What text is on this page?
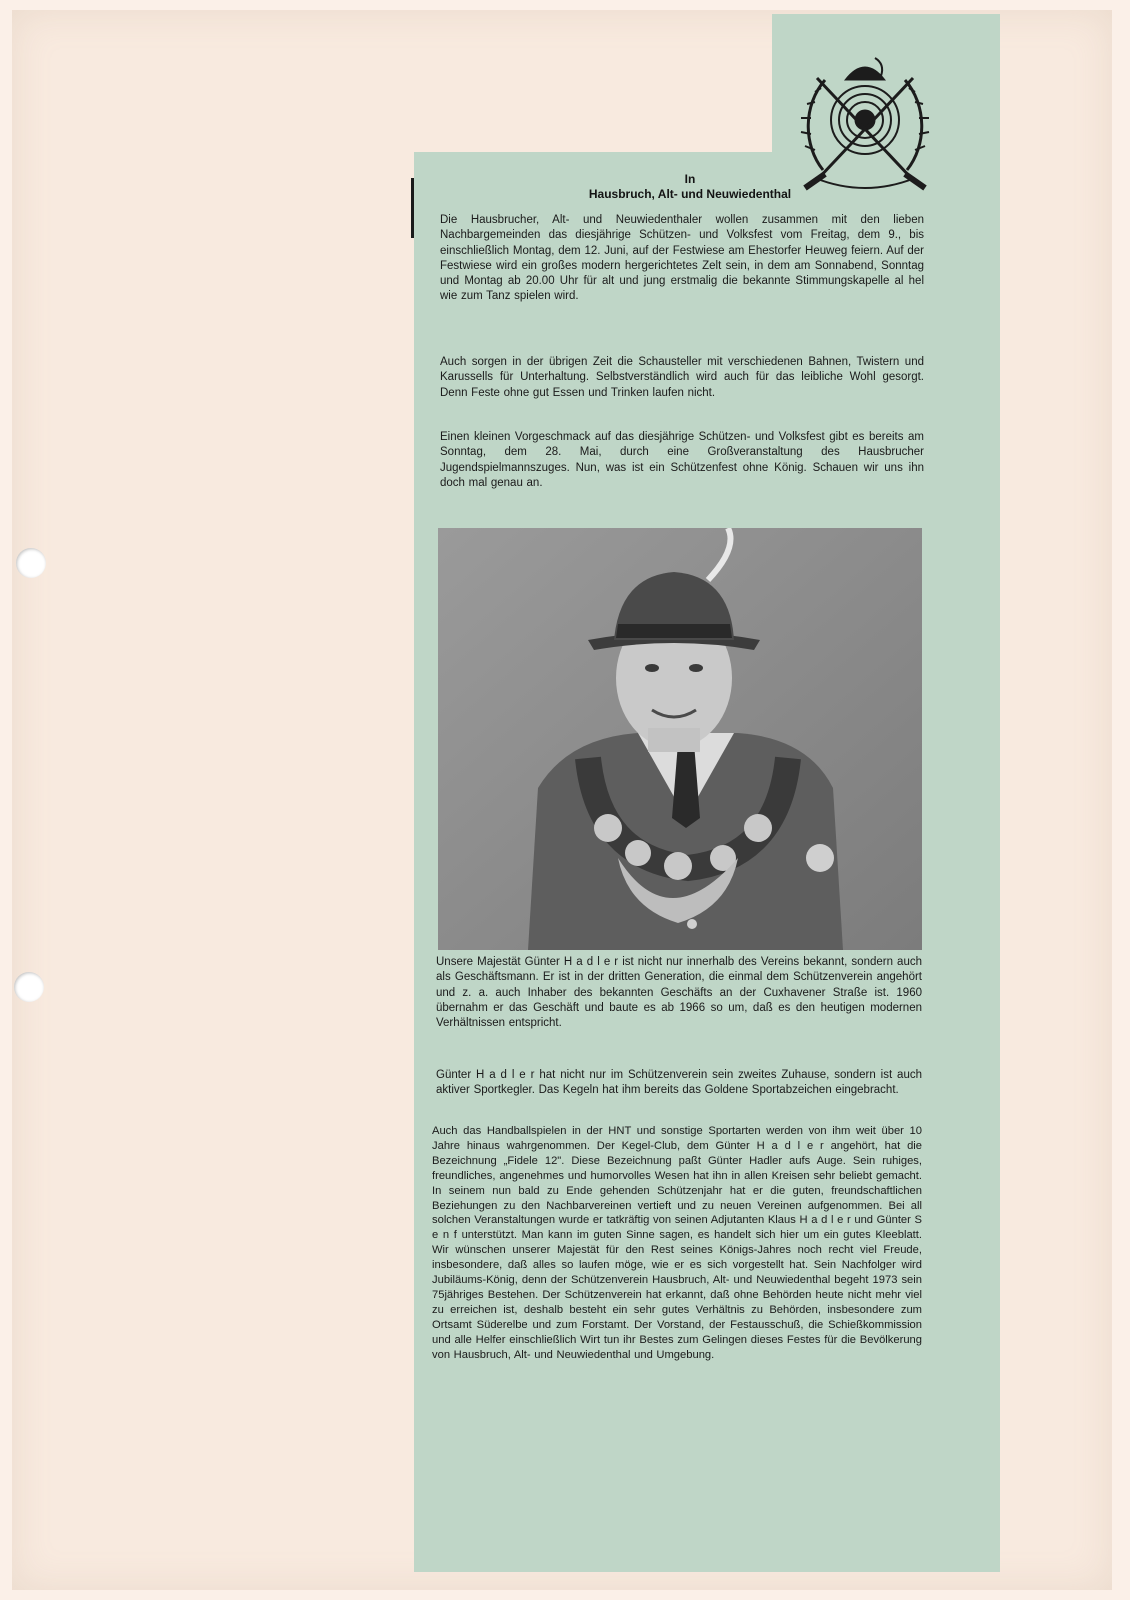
In
Hausbruch, Alt- und Neuwiedenthal

Die Hausbrucher, Alt- und Neuwiedenthaler wollen zusammen mit den lieben Nachbargemeinden das diesjährige Schützen- und Volksfest vom Freitag, dem 9., bis einschließlich Montag, dem 12. Juni, auf der Festwiese am Ehestorfer Heuweg feiern. Auf der Festwiese wird ein großes modern hergerichtetes Zelt sein, in dem am Sonnabend, Sonntag und Montag ab 20.00 Uhr für alt und jung erstmalig die bekannte Stimmungskapelle al hel wie zum Tanz spielen wird.

Auch sorgen in der übrigen Zeit die Schausteller mit verschiedenen Bahnen, Twistern und Karussells für Unterhaltung. Selbstverständlich wird auch für das leibliche Wohl gesorgt. Denn Feste ohne gut Essen und Trinken laufen nicht.

Einen kleinen Vorgeschmack auf das diesjährige Schützen- und Volksfest gibt es bereits am Sonntag, dem 28. Mai, durch eine Großveranstaltung des Hausbrucher Jugendspielmannszuges. Nun, was ist ein Schützenfest ohne König. Schauen wir uns ihn doch mal genau an.

Unsere Majestät Günter H a d l e r ist nicht nur innerhalb des Vereins bekannt, sondern auch als Geschäftsmann. Er ist in der dritten Generation, die einmal dem Schützenverein angehört und z. a. auch Inhaber des bekannten Geschäfts an der Cuxhavener Straße ist. 1960 übernahm er das Geschäft und baute es ab 1966 so um, daß es den heutigen modernen Verhältnissen entspricht.

Günter H a d l e r hat nicht nur im Schützenverein sein zweites Zuhause, sondern ist auch aktiver Sportkegler. Das Kegeln hat ihm bereits das Goldene Sportabzeichen eingebracht.

Auch das Handballspielen in der HNT und sonstige Sportarten werden von ihm weit über 10 Jahre hinaus wahrgenommen. Der Kegel-Club, dem Günter H a d l e r angehört, hat die Bezeichnung „Fidele 12". Diese Bezeichnung paßt Günter Hadler aufs Auge. Sein ruhiges, freundliches, angenehmes und humorvolles Wesen hat ihn in allen Kreisen sehr beliebt gemacht. In seinem nun bald zu Ende gehenden Schützenjahr hat er die guten, freundschaftlichen Beziehungen zu den Nachbarvereinen vertieft und zu neuen Vereinen aufgenommen. Bei all solchen Veranstaltungen wurde er tatkräftig von seinen Adjutanten Klaus H a d l e r und Günter S e n f unterstützt. Man kann im guten Sinne sagen, es handelt sich hier um ein gutes Kleeblatt. Wir wünschen unserer Majestät für den Rest seines Königs-Jahres noch recht viel Freude, insbesondere, daß alles so laufen möge, wie er es sich vorgestellt hat. Sein Nachfolger wird Jubiläums-König, denn der Schützenverein Hausbruch, Alt- und Neuwiedenthal begeht 1973 sein 75jähriges Bestehen. Der Schützenverein hat erkannt, daß ohne Behörden heute nicht mehr viel zu erreichen ist, deshalb besteht ein sehr gutes Verhältnis zu Behörden, insbesondere zum Ortsamt Süderelbe und zum Forstamt. Der Vorstand, der Festausschuß, die Schießkommission und alle Helfer einschließlich Wirt tun ihr Bestes zum Gelingen dieses Festes für die Bevölkerung von Hausbruch, Alt- und Neuwiedenthal und Umgebung.
